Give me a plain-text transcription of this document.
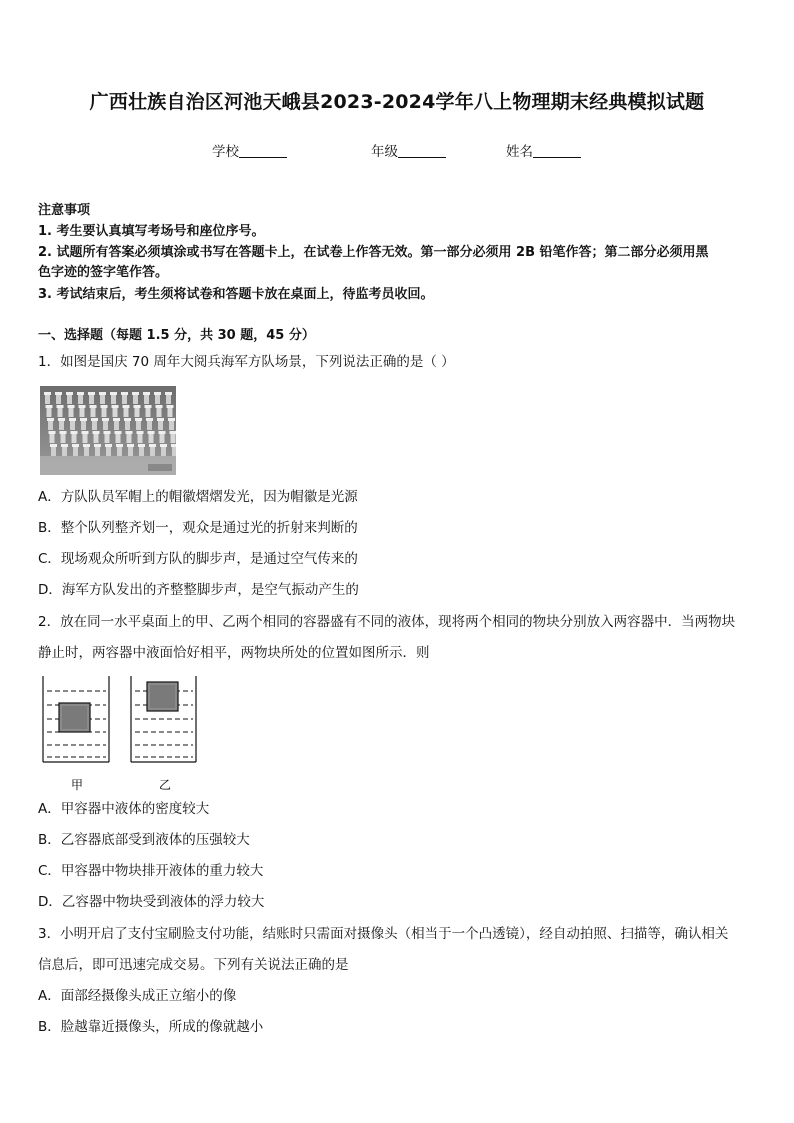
广西壮族自治区河池天峨县2023-2024学年八上物理期末经典模拟试题
学校	年级	姓名
注意事项
1. 考生要认真填写考场号和座位序号。
2. 试题所有答案必须填涂或书写在答题卡上，在试卷上作答无效。第一部分必须用 2B 铅笔作答；第二部分必须用黑
色字迹的签字笔作答。
3. 考试结束后，考生须将试卷和答题卡放在桌面上，待监考员收回。
一、选择题（每题 1.5 分，共 30 题，45 分）
1．如图是国庆 70 周年大阅兵海军方队场景，下列说法正确的是（ ）
A．方队队员军帽上的帽徽熠熠发光，因为帽徽是光源
B．整个队列整齐划一，观众是通过光的折射来判断的
C．现场观众所听到方队的脚步声，是通过空气传来的
D．海军方队发出的齐整整脚步声，是空气振动产生的
2．放在同一水平桌面上的甲、乙两个相同的容器盛有不同的液体，现将两个相同的物块分别放入两容器中．当两物块
静止时，两容器中液面恰好相平，两物块所处的位置如图所示．则
甲	乙
A．甲容器中液体的密度较大
B．乙容器底部受到液体的压强较大
C．甲容器中物块排开液体的重力较大
D．乙容器中物块受到液体的浮力较大
3．小明开启了支付宝刷脸支付功能，结账时只需面对摄像头（相当于一个凸透镜），经自动拍照、扫描等，确认相关
信息后，即可迅速完成交易。下列有关说法正确的是
A．面部经摄像头成正立缩小的像
B．脸越靠近摄像头，所成的像就越小
